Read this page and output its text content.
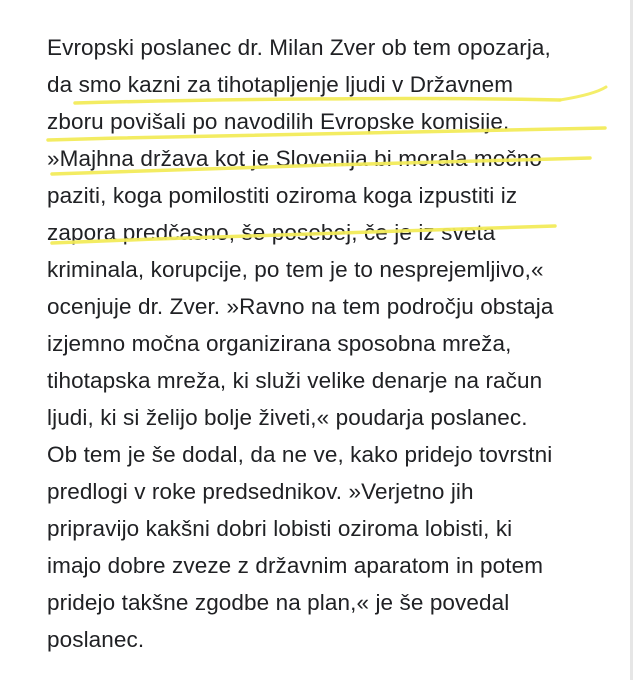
Evropski poslanec dr. Milan Zver ob tem opozarja,
da smo kazni za tihotapljenje ljudi v Državnem
zboru povišali po navodilih Evropske komisije.
»Majhna država kot je Slovenija bi morala močno
paziti, koga pomilostiti oziroma koga izpustiti iz
zapora predčasno, še posebej, če je iz sveta
kriminala, korupcije, po tem je to nesprejemljivo,«
ocenjuje dr. Zver. »Ravno na tem področju obstaja
izjemno močna organizirana sposobna mreža,
tihotapska mreža, ki služi velike denarje na račun
ljudi, ki si želijo bolje živeti,« poudarja poslanec.
Ob tem je še dodal, da ne ve, kako pridejo tovrstni
predlogi v roke predsednikov. »Verjetno jih
pripravijo kakšni dobri lobisti oziroma lobisti, ki
imajo dobre zveze z državnim aparatom in potem
pridejo takšne zgodbe na plan,« je še povedal
poslanec.
